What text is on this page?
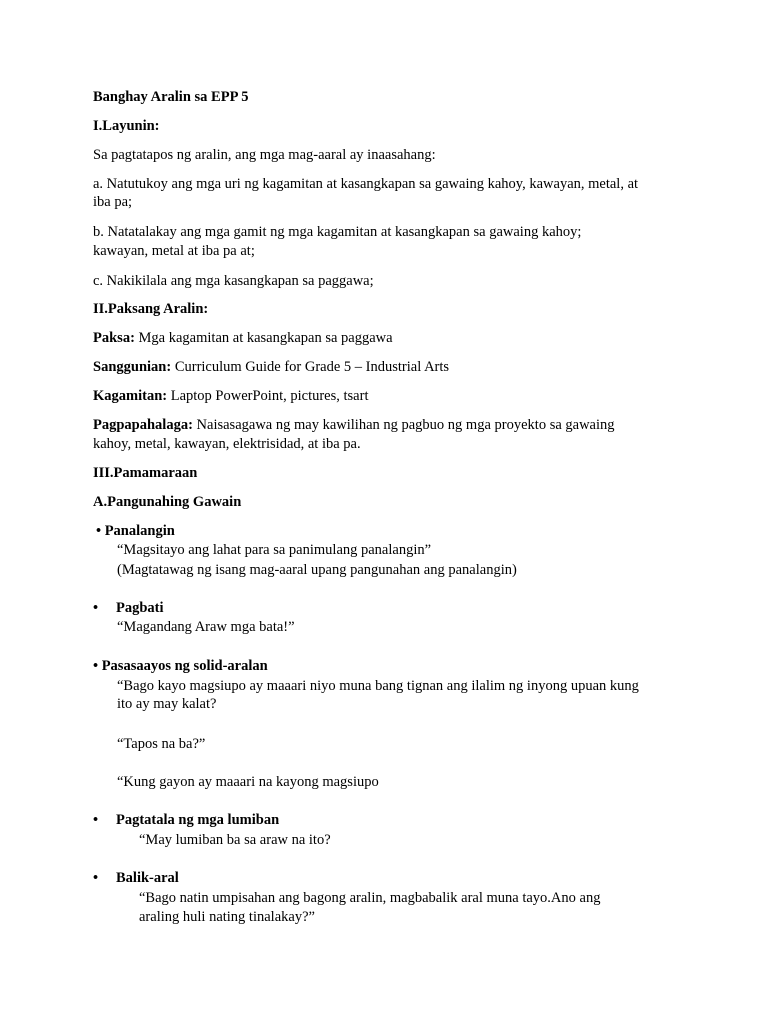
Banghay Aralin sa EPP 5
I.Layunin:
Sa pagtatapos ng aralin, ang mga mag-aaral ay inaasahang:
a. Natutukoy ang mga uri ng kagamitan at kasangkapan sa gawaing kahoy, kawayan, metal, at
iba pa;
b. Natatalakay ang mga gamit ng mga kagamitan at kasangkapan sa gawaing kahoy;
kawayan, metal at iba pa at;
c. Nakikilala ang mga kasangkapan sa paggawa;
II.Paksang Aralin:
Paksa: Mga kagamitan at kasangkapan sa paggawa
Sanggunian: Curriculum Guide for Grade 5 – Industrial Arts
Kagamitan: Laptop PowerPoint, pictures, tsart
Pagpapahalaga: Naisasagawa ng may kawilihan ng pagbuo ng mga proyekto sa gawaing
kahoy, metal, kawayan, elektrisidad, at iba pa.
III.Pamamaraan
A.Pangunahing Gawain
• Panalangin
“Magsitayo ang lahat para sa panimulang panalangin”
(Magtatawag ng isang mag-aaral upang pangunahan ang panalangin)
• Pagbati
“Magandang Araw mga bata!”
• Pasasaayos ng solid-aralan
“Bago kayo magsiupo ay maaari niyo muna bang tignan ang ilalim ng inyong upuan kung
ito ay may kalat?
“Tapos na ba?”
“Kung gayon ay maaari na kayong magsiupo
• Pagtatala ng mga lumiban
“May lumiban ba sa araw na ito?
• Balik-aral
“Bago natin umpisahan ang bagong aralin, magbabalik aral muna tayo.Ano ang
araling huli nating tinalakay?”
